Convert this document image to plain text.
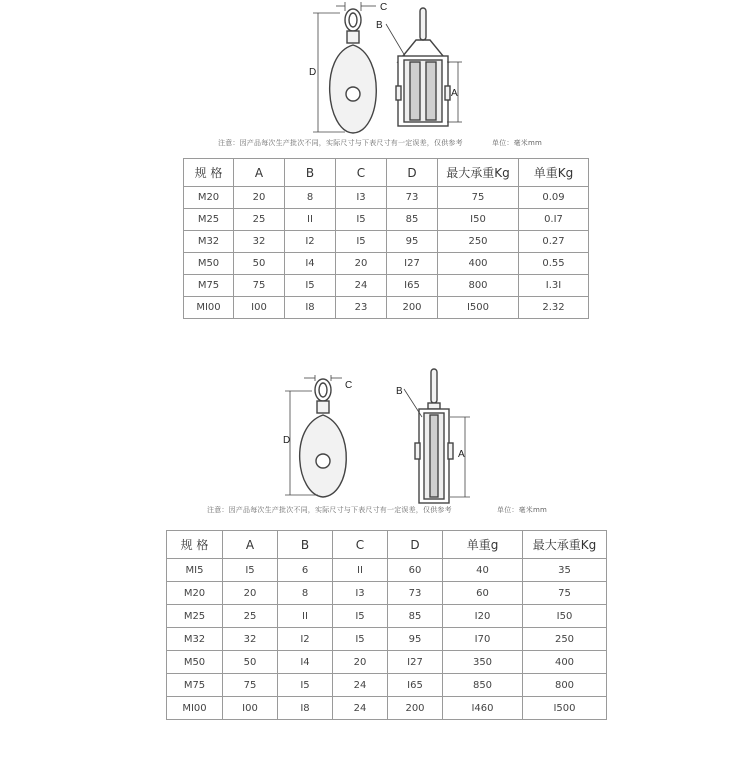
C
D
B
A
注意：因产品每次生产批次不同，实际尺寸与下表尺寸有一定误差，仅供参考	单位：毫米mm
规 格	A	B	C	D	最大承重Kg	单重Kg
M20	20	8	I3	73	75	0.09
M25	25	II	I5	85	I50	0.I7
M32	32	I2	I5	95	250	0.27
M50	50	I4	20	I27	400	0.55
M75	75	I5	24	I65	800	I.3I
MI00	I00	I8	23	200	I500	2.32
C
D
B
A
注意：因产品每次生产批次不同，实际尺寸与下表尺寸有一定误差，仅供参考	单位：毫米mm
规 格	A	B	C	D	单重g	最大承重Kg
MI5	I5	6	II	60	40	35
M20	20	8	I3	73	60	75
M25	25	II	I5	85	I20	I50
M32	32	I2	I5	95	I70	250
M50	50	I4	20	I27	350	400
M75	75	I5	24	I65	850	800
MI00	I00	I8	24	200	I460	I500
